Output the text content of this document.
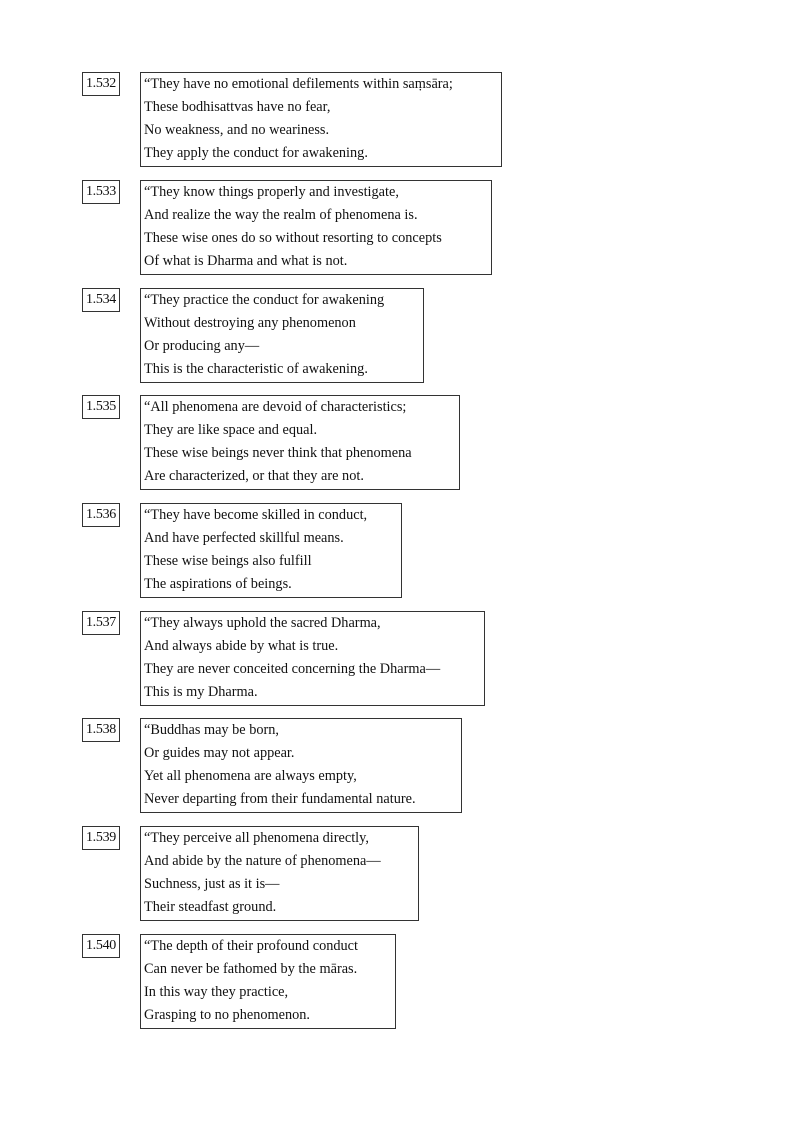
1.532 “They have no emotional defilements within saṃsāra;
These bodhisattvas have no fear,
No weakness, and no weariness.
They apply the conduct for awakening.
1.533 “They know things properly and investigate,
And realize the way the realm of phenomena is.
These wise ones do so without resorting to concepts
Of what is Dharma and what is not.
1.534 “They practice the conduct for awakening
Without destroying any phenomenon
Or producing any—
This is the characteristic of awakening.
1.535 “All phenomena are devoid of characteristics;
They are like space and equal.
These wise beings never think that phenomena
Are characterized, or that they are not.
1.536 “They have become skilled in conduct,
And have perfected skillful means.
These wise beings also fulfill
The aspirations of beings.
1.537 “They always uphold the sacred Dharma,
And always abide by what is true.
They are never conceited concerning the Dharma—
This is my Dharma.
1.538 “Buddhas may be born,
Or guides may not appear.
Yet all phenomena are always empty,
Never departing from their fundamental nature.
1.539 “They perceive all phenomena directly,
And abide by the nature of phenomena—
Suchness, just as it is—
Their steadfast ground.
1.540 “The depth of their profound conduct
Can never be fathomed by the māras.
In this way they practice,
Grasping to no phenomenon.
